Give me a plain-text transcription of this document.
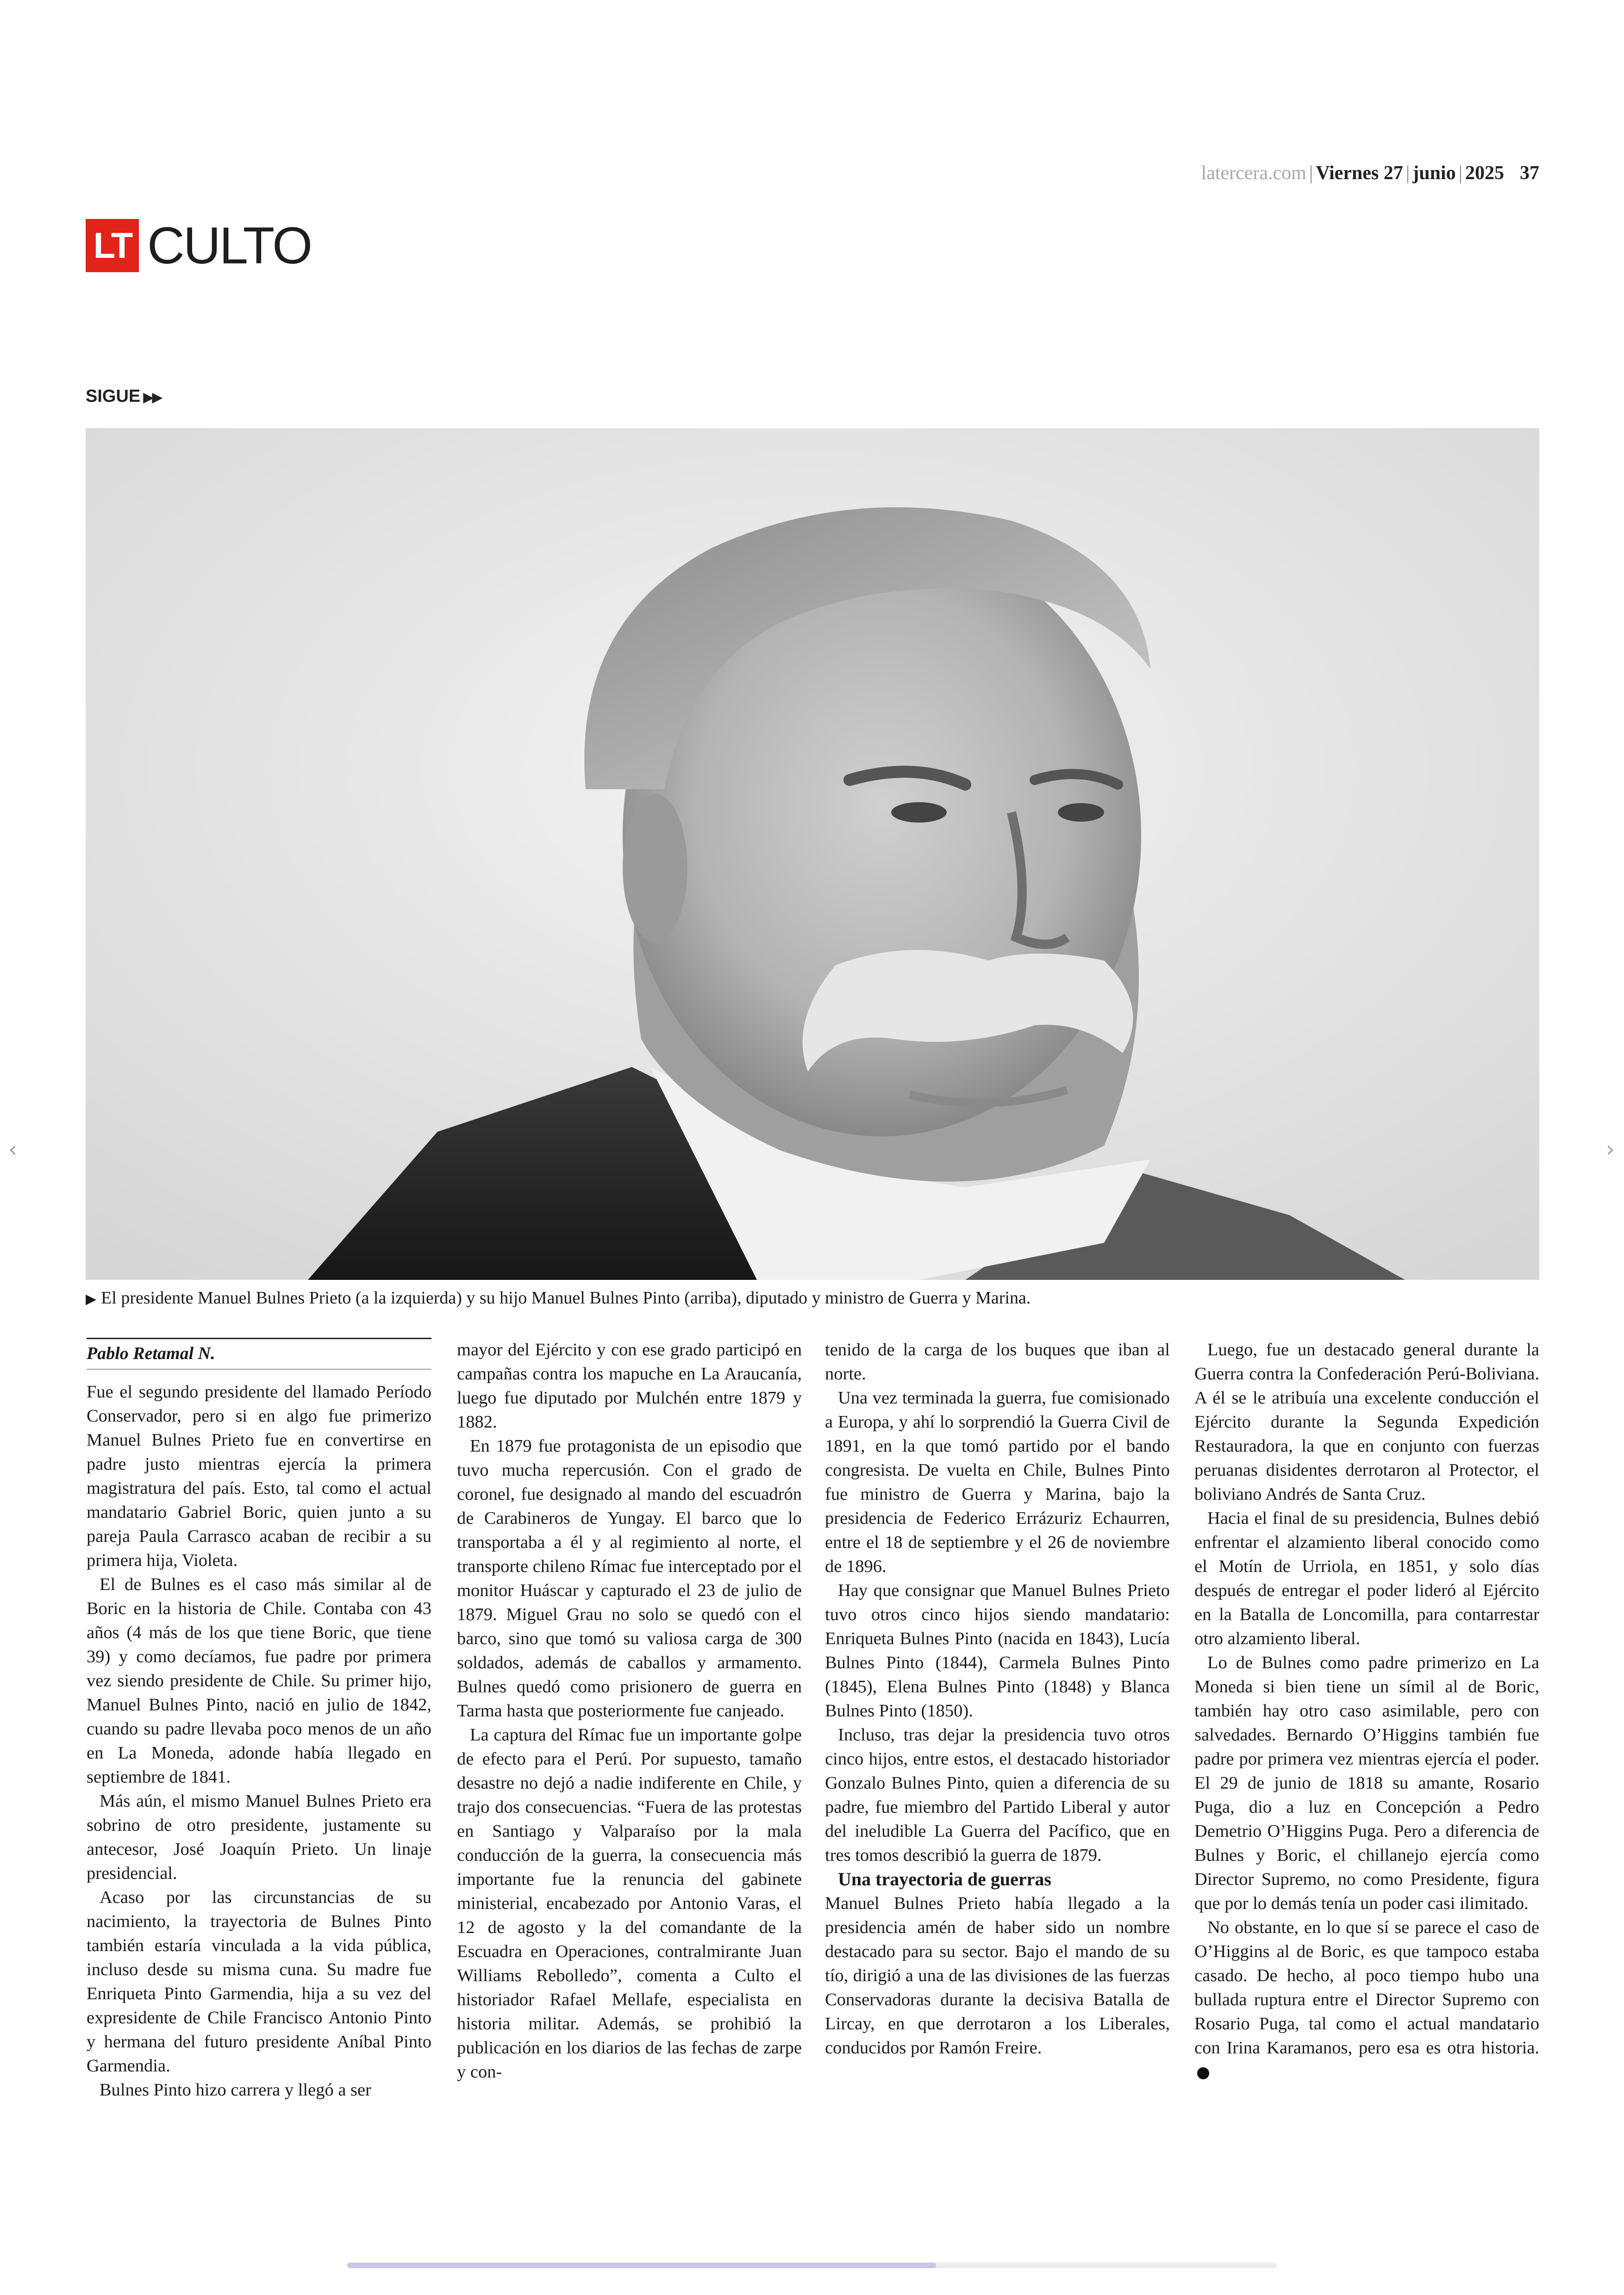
latercera.com | Viernes 27 | junio | 2025 37
LT CULTO
SIGUE ▶▶
▶ El presidente Manuel Bulnes Prieto (a la izquierda) y su hijo Manuel Bulnes Pinto (arriba), diputado y ministro de Guerra y Marina.
‹	›
Pablo Retamal N.

Fue el segundo presidente del llamado Período Conservador, pero si en algo fue primerizo Manuel Bulnes Prieto fue en convertirse en padre justo mientras ejercía la primera magistratura del país. Esto, tal como el actual mandatario Gabriel Boric, quien junto a su pareja Paula Carrasco acaban de recibir a su primera hija, Violeta.

El de Bulnes es el caso más similar al de Boric en la historia de Chile. Contaba con 43 años (4 más de los que tiene Boric, que tiene 39) y como decíamos, fue padre por primera vez siendo presidente de Chile. Su primer hijo, Manuel Bulnes Pinto, nació en julio de 1842, cuando su padre llevaba poco menos de un año en La Moneda, adonde había llegado en septiembre de 1841.

Más aún, el mismo Manuel Bulnes Prieto era sobrino de otro presidente, justamente su antecesor, José Joaquín Prieto. Un linaje presidencial.

Acaso por las circunstancias de su nacimiento, la trayectoria de Bulnes Pinto también estaría vinculada a la vida pública, incluso desde su misma cuna. Su madre fue Enriqueta Pinto Garmendia, hija a su vez del expresidente de Chile Francisco Antonio Pinto y hermana del futuro presidente Aníbal Pinto Garmendia.

Bulnes Pinto hizo carrera y llegó a ser

mayor del Ejército y con ese grado participó en campañas contra los mapuche en La Araucanía, luego fue diputado por Mulchén entre 1879 y 1882.

En 1879 fue protagonista de un episodio que tuvo mucha repercusión. Con el grado de coronel, fue designado al mando del escuadrón de Carabineros de Yungay. El barco que lo transportaba a él y al regimiento al norte, el transporte chileno Rímac fue interceptado por el monitor Huáscar y capturado el 23 de julio de 1879. Miguel Grau no solo se quedó con el barco, sino que tomó su valiosa carga de 300 soldados, además de caballos y armamento. Bulnes quedó como prisionero de guerra en Tarma hasta que posteriormente fue canjeado.

La captura del Rímac fue un importante golpe de efecto para el Perú. Por supuesto, tamaño desastre no dejó a nadie indiferente en Chile, y trajo dos consecuencias. “Fuera de las protestas en Santiago y Valparaíso por la mala conducción de la guerra, la consecuencia más importante fue la renuncia del gabinete ministerial, encabezado por Antonio Varas, el 12 de agosto y la del comandante de la Escuadra en Operaciones, contralmirante Juan Williams Rebolledo”, comenta a Culto el historiador Rafael Mellafe, especialista en historia militar. Además, se prohibió la publicación en los diarios de las fechas de zarpe y con-

tenido de la carga de los buques que iban al norte.

Una vez terminada la guerra, fue comisionado a Europa, y ahí lo sorprendió la Guerra Civil de 1891, en la que tomó partido por el bando congresista. De vuelta en Chile, Bulnes Pinto fue ministro de Guerra y Marina, bajo la presidencia de Federico Errázuriz Echaurren, entre el 18 de septiembre y el 26 de noviembre de 1896.

Hay que consignar que Manuel Bulnes Prieto tuvo otros cinco hijos siendo mandatario: Enriqueta Bulnes Pinto (nacida en 1843), Lucía Bulnes Pinto (1844), Carmela Bulnes Pinto (1845), Elena Bulnes Pinto (1848) y Blanca Bulnes Pinto (1850).

Incluso, tras dejar la presidencia tuvo otros cinco hijos, entre estos, el destacado historiador Gonzalo Bulnes Pinto, quien a diferencia de su padre, fue miembro del Partido Liberal y autor del ineludible La Guerra del Pacífico, que en tres tomos describió la guerra de 1879.

Una trayectoria de guerras

Manuel Bulnes Prieto había llegado a la presidencia amén de haber sido un nombre destacado para su sector. Bajo el mando de su tío, dirigió a una de las divisiones de las fuerzas Conservadoras durante la decisiva Batalla de Lircay, en que derrotaron a los Liberales, conducidos por Ramón Freire.

Luego, fue un destacado general durante la Guerra contra la Confederación Perú-Boliviana. A él se le atribuía una excelente conducción el Ejército durante la Segunda Expedición Restauradora, la que en conjunto con fuerzas peruanas disidentes derrotaron al Protector, el boliviano Andrés de Santa Cruz.

Hacia el final de su presidencia, Bulnes debió enfrentar el alzamiento liberal conocido como el Motín de Urriola, en 1851, y solo días después de entregar el poder lideró al Ejército en la Batalla de Loncomilla, para contarrestar otro alzamiento liberal.

Lo de Bulnes como padre primerizo en La Moneda si bien tiene un símil al de Boric, también hay otro caso asimilable, pero con salvedades. Bernardo O’Higgins también fue padre por primera vez mientras ejercía el poder. El 29 de junio de 1818 su amante, Rosario Puga, dio a luz en Concepción a Pedro Demetrio O’Higgins Puga. Pero a diferencia de Bulnes y Boric, el chillanejo ejercía como Director Supremo, no como Presidente, figura que por lo demás tenía un poder casi ilimitado.

No obstante, en lo que sí se parece el caso de O’Higgins al de Boric, es que tampoco estaba casado. De hecho, al poco tiempo hubo una bullada ruptura entre el Director Supremo con Rosario Puga, tal como el actual mandatario con Irina Karamanos, pero esa es otra historia.
